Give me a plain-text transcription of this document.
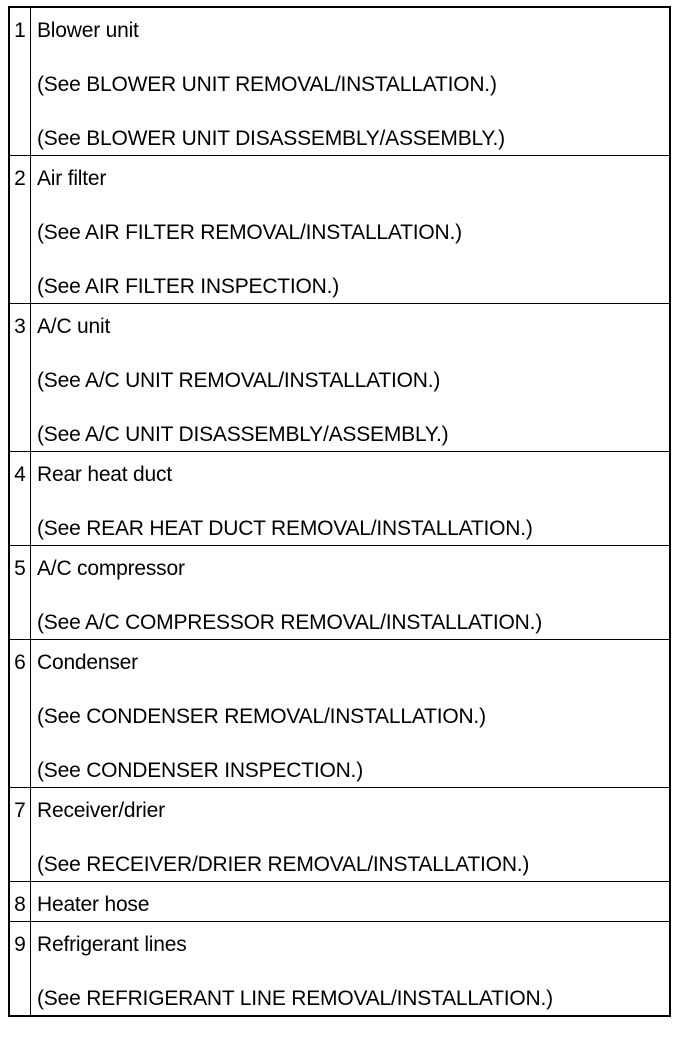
1	Blower unit
(See BLOWER UNIT REMOVAL/INSTALLATION.)
(See BLOWER UNIT DISASSEMBLY/ASSEMBLY.)

2	Air filter
(See AIR FILTER REMOVAL/INSTALLATION.)
(See AIR FILTER INSPECTION.)

3	A/C unit
(See A/C UNIT REMOVAL/INSTALLATION.)
(See A/C UNIT DISASSEMBLY/ASSEMBLY.)

4	Rear heat duct
(See REAR HEAT DUCT REMOVAL/INSTALLATION.)

5	A/C compressor
(See A/C COMPRESSOR REMOVAL/INSTALLATION.)

6	Condenser
(See CONDENSER REMOVAL/INSTALLATION.)
(See CONDENSER INSPECTION.)

7	Receiver/drier
(See RECEIVER/DRIER REMOVAL/INSTALLATION.)

8	Heater hose

9	Refrigerant lines
(See REFRIGERANT LINE REMOVAL/INSTALLATION.)
